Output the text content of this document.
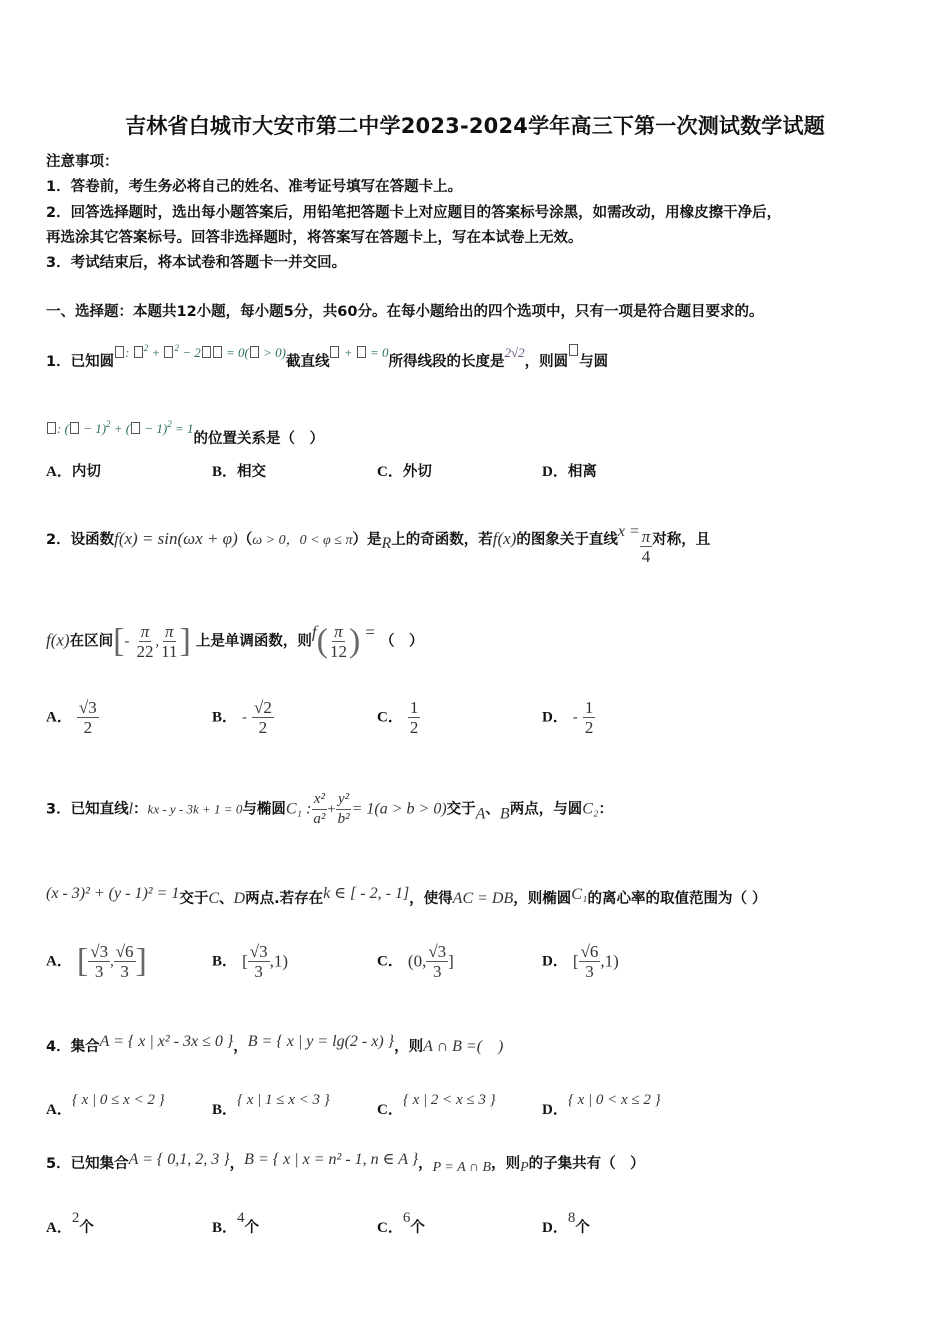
吉林省白城市大安市第二中学2023-2024学年高三下第一次测试数学试题
注意事项：
1．答卷前，考生务必将自己的姓名、准考证号填写在答题卡上。
2．回答选择题时，选出每小题答案后，用铅笔把答题卡上对应题目的答案标号涂黑，如需改动，用橡皮擦干净后，
再选涂其它答案标号。回答非选择题时，将答案写在答题卡上，写在本试卷上无效。
3．考试结束后，将本试卷和答题卡一并交回。
一、选择题：本题共12小题，每小题5分，共60分。在每小题给出的四个选项中，只有一项是符合题目要求的。
1．已知圆: $^2$ + $^2$ − 2 = 0( > 0)截直线 +  = 0所得线段的长度是2√2，则圆 与圆
: ( − 1)$^2$ + ( − 1)$^2$ = 1的位置关系是（　）
A．内切	B．相交	C．外切	D．相离
2．设函数f(x) = sin(ωx + φ)（ω > 0，0 < φ ≤ π）是R上的奇函数，若f(x)的图象关于直线$x = \frac{\pi}{4}$ 对称，且
f(x)在区间[- $\frac{\pi}{22}$ , $\frac{\pi}{11}$ ] 上是单调函数，则$f( \frac{\pi}{12}$ ) = （　）
A． $\frac{√3}{2}$	B． - $\frac{√2}{2}$	C． $\frac{1}{2}$	D． - $\frac{1}{2}$
3．已知直线l：kx - y - 3k + 1 = 0与椭圆C₁ : $\frac{\text{x²}}{\text{a²}} + \frac{\text{y²}}{\text{b²}} = 1(a > b > 0)$交于A、B两点，与圆C₂：
(x - 3)² + (y - 1)² = 1交于C、D两点.若存在k ∈ [ - 2, - 1]，使得AC = DB，则椭圆C₁的离心率的取值范围为（ ）
A． [ $\frac{√3}{3}$ , $\frac{√6}{3}$ ]	B． [ $\frac{√3}{3} ,1$)	C． (0, $\frac{√3}{3}$ ]	D． [ $\frac{√6}{3} ,1$)
4．集合A = { x | x² - 3x ≤ 0 }，B = { x | y = lg(2 - x) }，则A ∩ B =(　)
A．{ x | 0 ≤ x < 2 }
B．{ x | 1 ≤ x < 3 }
C．{ x | 2 < x ≤ 3 }
D．{ x | 0 < x ≤ 2 }
5．已知集合A = { 0,1, 2, 3 }，B = { x | x = n² - 1, n ∈ A }，P = A ∩ B，则P的子集共有（　）
A．2个	B．4个	C．6个	D．8个
